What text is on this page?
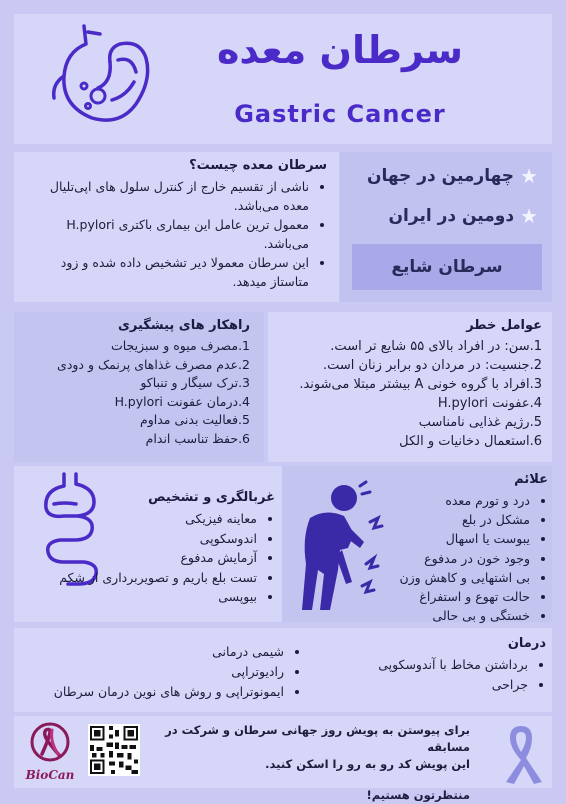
سرطان معده
Gastric Cancer
سرطان معده چیست؟
• ناشی از تقسیم خارج از کنترل سلول های اپی‌تلیال معده می‌باشد.
• معمول ترین عامل این بیماری باکتری H.pylori می‌باشد.
• این سرطان معمولا دیر تشخیص داده شده و زود متاستاز میدهد.
★
چهارمین در جهان
★
دومین در ایران
سرطان شایع
راهکار های پیشگیری
1.مصرف میوه و سبزیجات
2.عدم مصرف غذاهای پرنمک و دودی
3.ترک سیگار و تنباکو
4.درمان عفونت H.pylori
5.فعالیت بدنی مداوم
6.حفظ تناسب اندام
عوامل خطر
1.سن: در افراد بالای ۵۵ شایع تر است.
2.جنسیت: در مردان دو برابر زنان است.
3.افراد با گروه خونی A بیشتر مبتلا می‌شوند.
4.عفونت H.pylori
5.رژیم غذایی نامناسب
6.استعمال دخانیات و الکل
غربالگری و تشخیص
• معاینه فیزیکی
• اندوسکوپی
• آزمایش مدفوع
• تست بلع باریم و تصویربرداری از شکم
• بیوپسی
علائم
• درد و تورم معده
• مشکل در بلع
• یبوست یا اسهال
• وجود خون در مدفوع
• بی اشتهایی و کاهش وزن
• حالت تهوع و استفراغ
• خستگی و بی حالی
درمان
• برداشتن مخاط با آندوسکوپی
• جراحی
• شیمی درمانی
• رادیوتراپی
• ایمونوتراپی و روش های نوین درمان سرطان
برای پیوستن به پویش روز جهانی سرطان و شرکت در مسابقه
این پویش کد رو به رو را اسکن کنید.
منتظرتون هستیم!
BioCan
